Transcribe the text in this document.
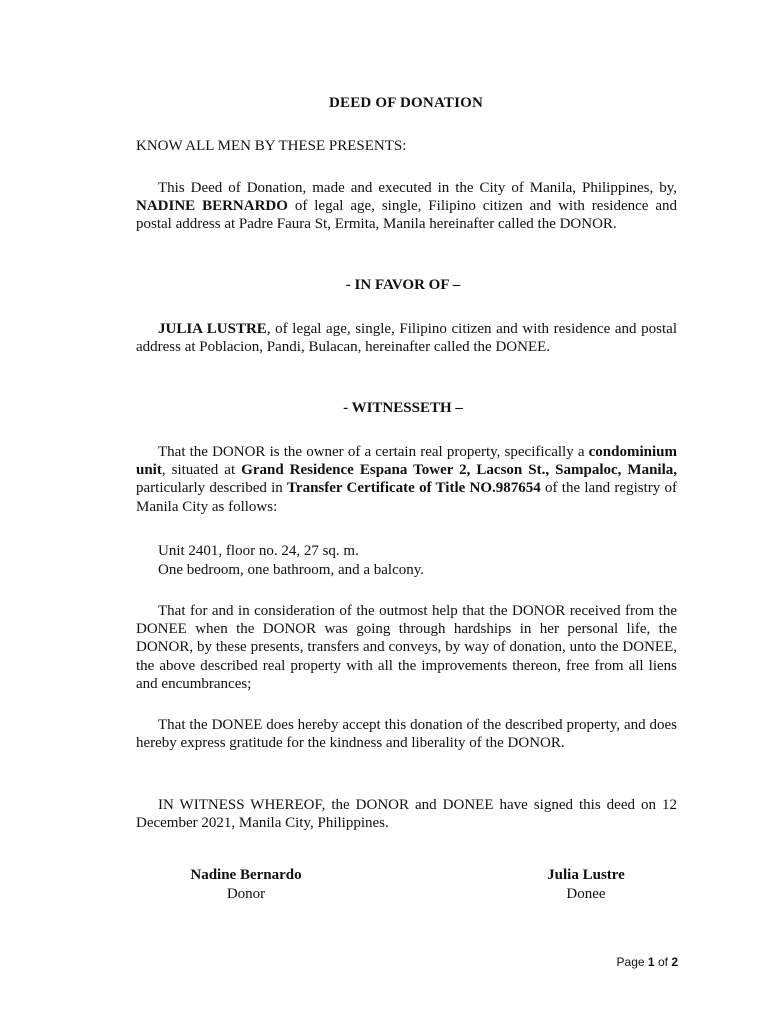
DEED OF DONATION
KNOW ALL MEN BY THESE PRESENTS:
This Deed of Donation, made and executed in the City of Manila, Philippines, by, NADINE BERNARDO of legal age, single, Filipino citizen and with residence and postal address at Padre Faura St, Ermita, Manila hereinafter called the DONOR.
- IN FAVOR OF –
JULIA LUSTRE, of legal age, single, Filipino citizen and with residence and postal address at Poblacion, Pandi, Bulacan, hereinafter called the DONEE.
- WITNESSETH –
That the DONOR is the owner of a certain real property, specifically a condominium unit, situated at Grand Residence Espana Tower 2, Lacson St., Sampaloc, Manila, particularly described in Transfer Certificate of Title NO.987654 of the land registry of Manila City as follows:
Unit 2401, floor no. 24, 27 sq. m.
One bedroom, one bathroom, and a balcony.
That for and in consideration of the outmost help that the DONOR received from the DONEE when the DONOR was going through hardships in her personal life, the DONOR, by these presents, transfers and conveys, by way of donation, unto the DONEE, the above described real property with all the improvements thereon, free from all liens and encumbrances;
That the DONEE does hereby accept this donation of the described property, and does hereby express gratitude for the kindness and liberality of the DONOR.
IN WITNESS WHEREOF, the DONOR and DONEE have signed this deed on 12 December 2021, Manila City, Philippines.
Nadine Bernardo
Donor
Julia Lustre
Donee
Page 1 of 2
